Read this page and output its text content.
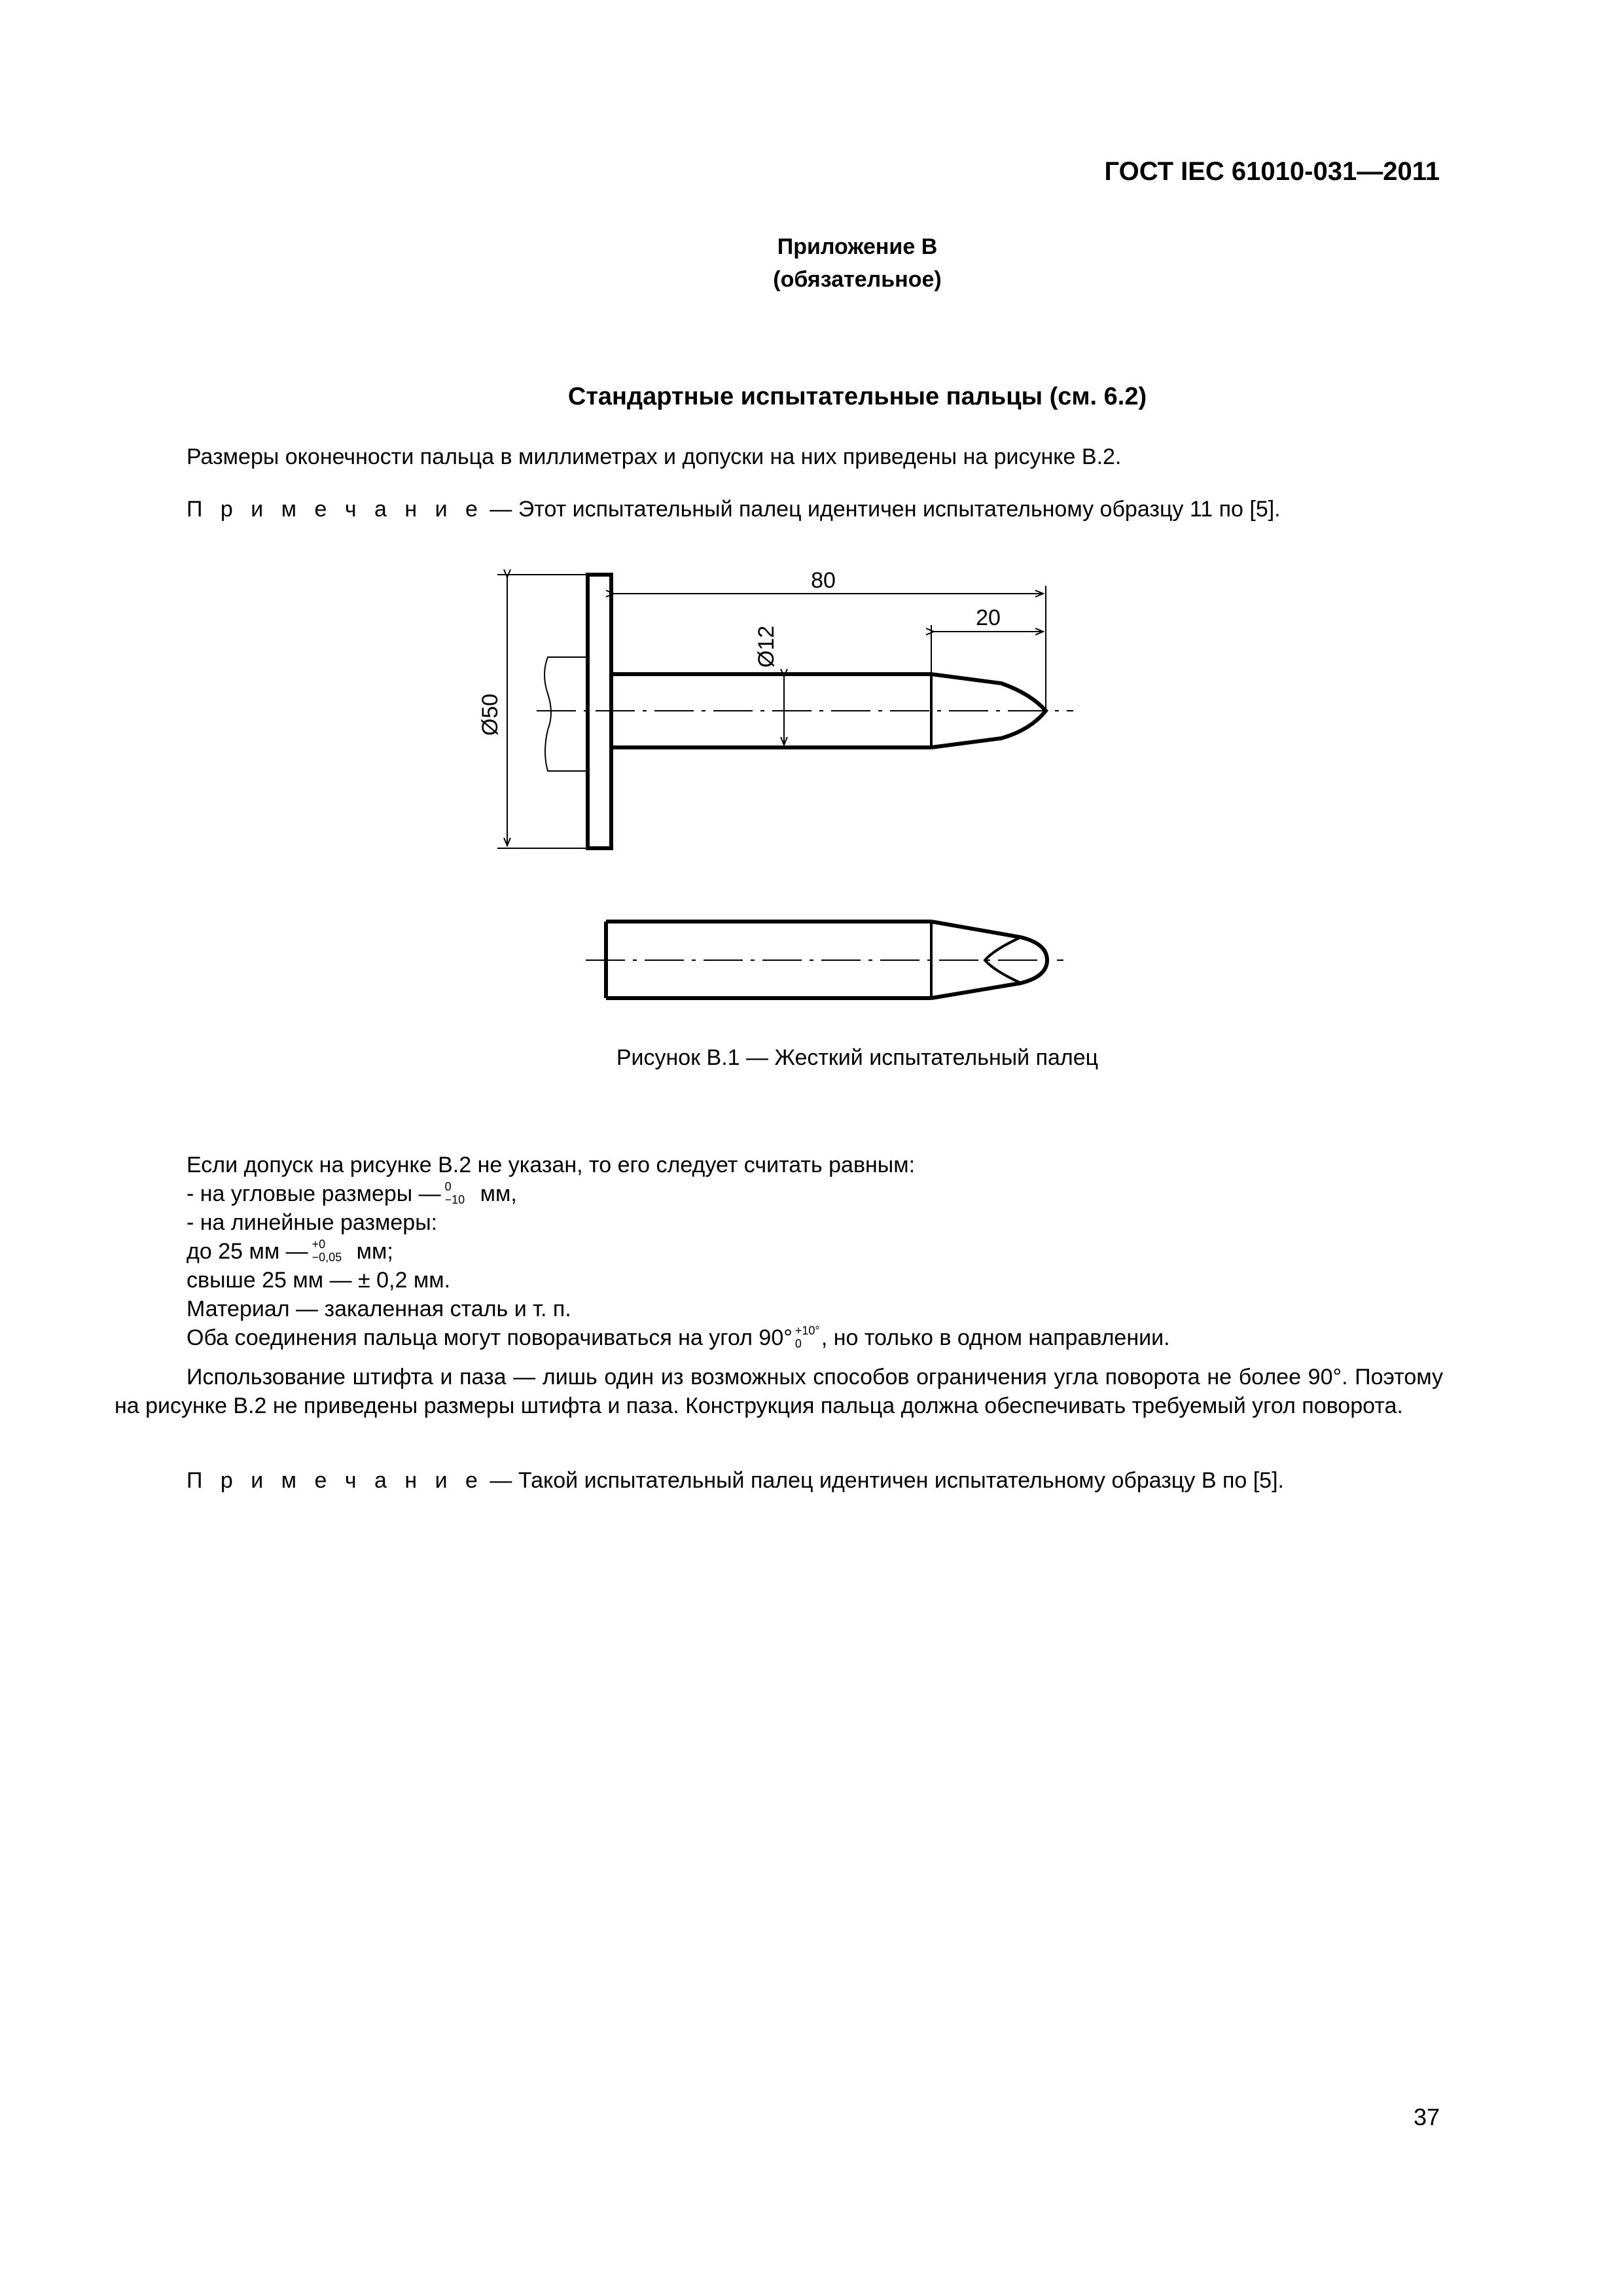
ГОСТ IEC 61010-031—2011
Приложение В
(обязательное)
Стандартные испытательные пальцы (см. 6.2)
Размеры оконечности пальца в миллиметрах и допуски на них приведены на рисунке В.2.
П р и м е ч а н и е — Этот испытательный палец идентичен испытательному образцу 11 по [5].
80
20
Ø12
Ø50
Рисунок В.1 — Жесткий испытательный палец
Если допуск на рисунке В.2 не указан, то его следует считать равным:
- на угловые размеры — 0
−10 мм,
- на линейные размеры:
до 25 мм — +0
−0,05 мм;
свыше 25 мм — ± 0,2 мм.
Материал — закаленная сталь и т. п.
Оба соединения пальца могут поворачиваться на угол 90° +10°
0 , но только в одном направлении.
Использование штифта и паза — лишь один из возможных способов ограничения угла поворота не более 90°. Поэтому на рисунке В.2 не приведены размеры штифта и паза. Конструкция пальца должна обеспечивать требуемый угол поворота.
П р и м е ч а н и е — Такой испытательный палец идентичен испытательному образцу В по [5].
37
